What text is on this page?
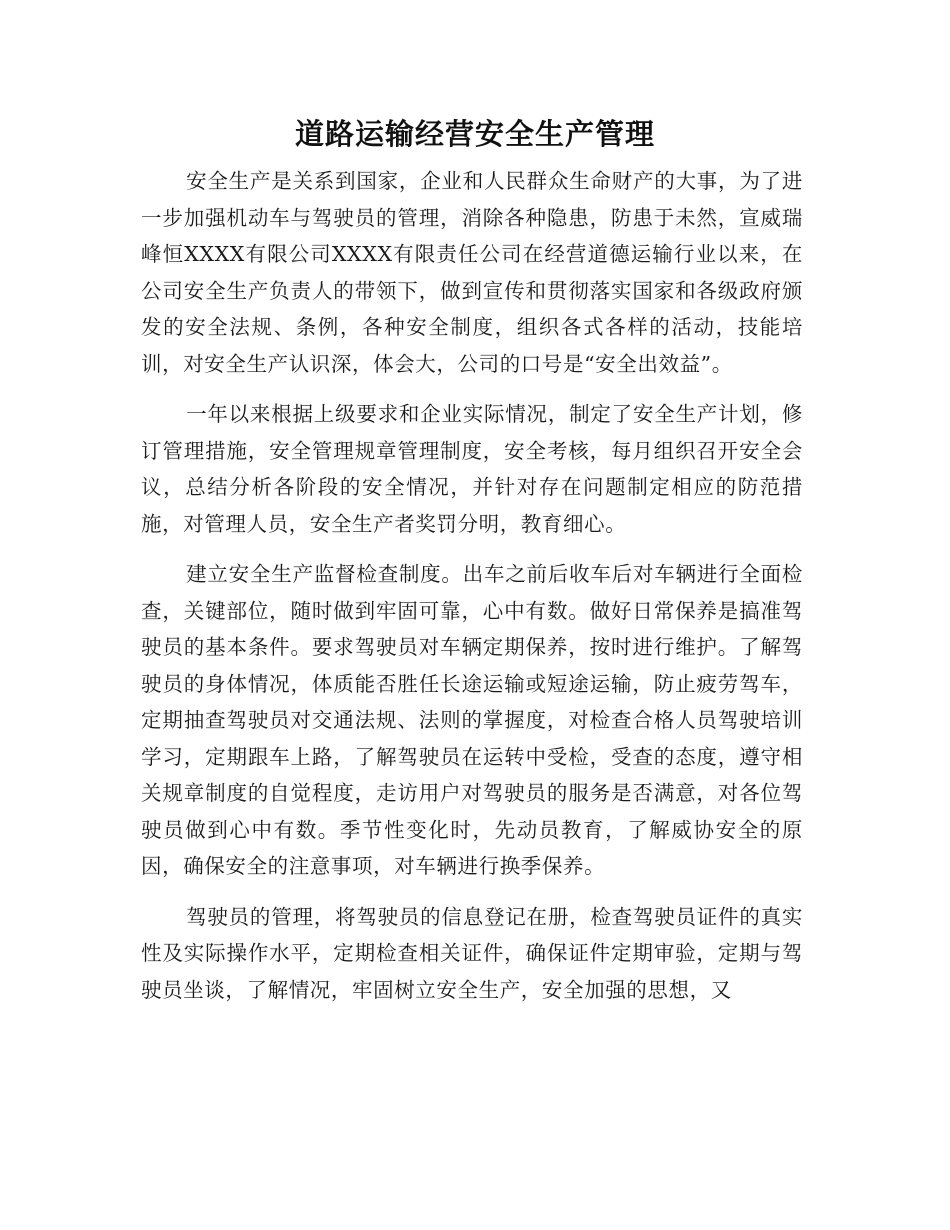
道路运输经营安全生产管理

安全生产是关系到国家，企业和人民群众生命财产的大事，为了进一步加强机动车与驾驶员的管理，消除各种隐患，防患于未然，宣威瑞峰恒XXXX有限公司XXXX有限责任公司在经营道德运输行业以来，在公司安全生产负责人的带领下，做到宣传和贯彻落实国家和各级政府颁发的安全法规、条例，各种安全制度，组织各式各样的活动，技能培训，对安全生产认识深，体会大，公司的口号是“安全出效益”。

一年以来根据上级要求和企业实际情况，制定了安全生产计划，修订管理措施，安全管理规章管理制度，安全考核，每月组织召开安全会议，总结分析各阶段的安全情况，并针对存在问题制定相应的防范措施，对管理人员，安全生产者奖罚分明，教育细心。

建立安全生产监督检查制度。出车之前后收车后对车辆进行全面检查，关键部位，随时做到牢固可靠，心中有数。做好日常保养是搞准驾驶员的基本条件。要求驾驶员对车辆定期保养，按时进行维护。了解驾驶员的身体情况，体质能否胜任长途运输或短途运输，防止疲劳驾车，定期抽查驾驶员对交通法规、法则的掌握度，对检查合格人员驾驶培训学习，定期跟车上路，了解驾驶员在运转中受检，受查的态度，遵守相关规章制度的自觉程度，走访用户对驾驶员的服务是否满意，对各位驾驶员做到心中有数。季节性变化时，先动员教育，了解威协安全的原因，确保安全的注意事项，对车辆进行换季保养。

驾驶员的管理，将驾驶员的信息登记在册，检查驾驶员证件的真实性及实际操作水平，定期检查相关证件，确保证件定期审验，定期与驾驶员坐谈，了解情况，牢固树立安全生产，安全加强的思想，又
